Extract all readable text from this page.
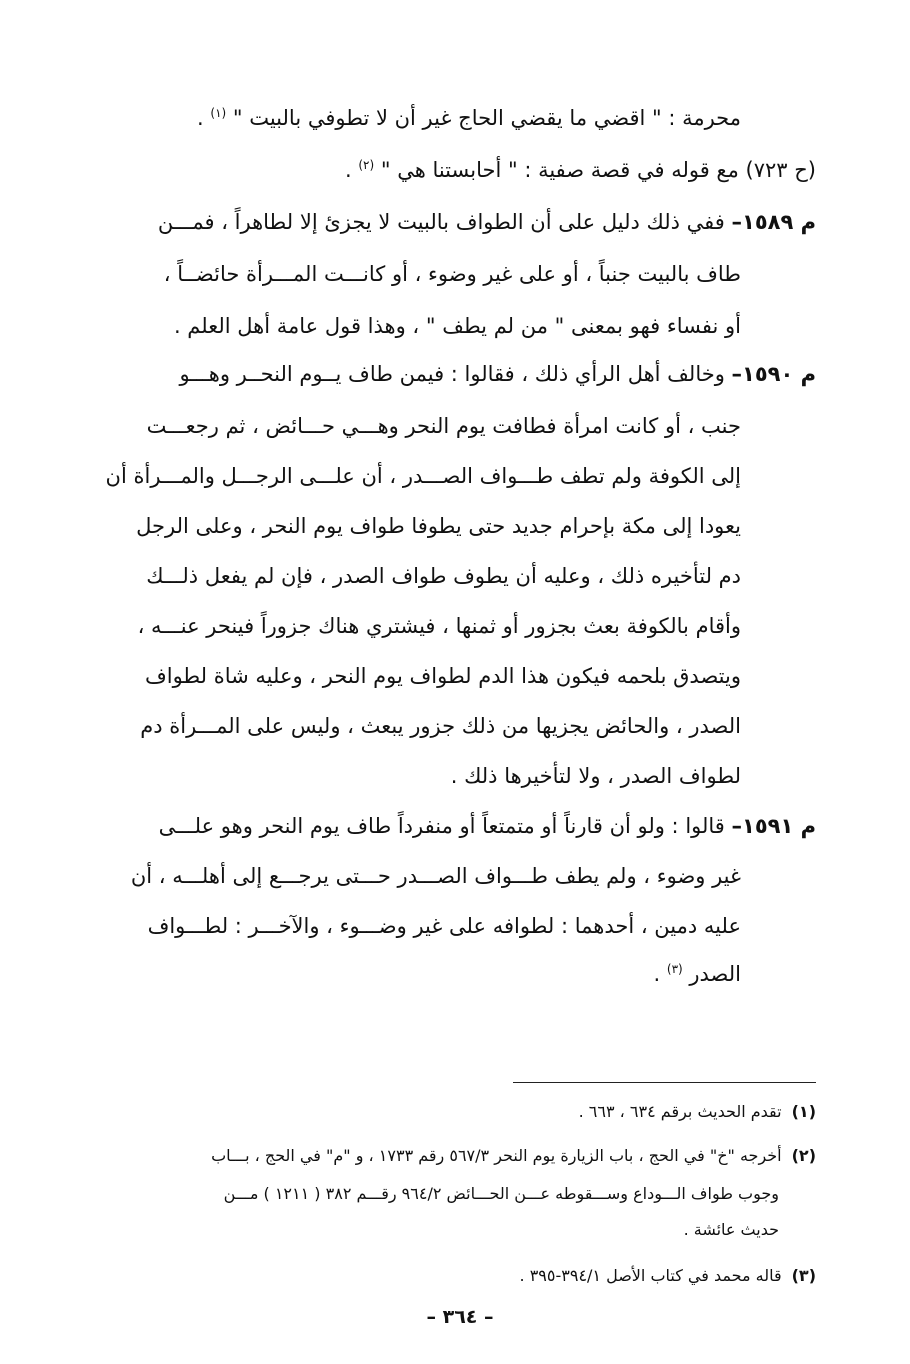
محرمة : " اقضي ما يقضي الحاج غير أن لا تطوفي بالبيت " $^{(١)}$ .
(ح ٧٢٣) مع قوله في قصة صفية : " أحابستنا هي " $^{(٢)}$ .
م ١٥٨٩– ففي ذلك دليل على أن الطواف بالبيت لا يجزئ إلا لطاهراً ، فمـــن
طاف بالبيت جنباً ، أو على غير وضوء ، أو كانـــت المـــرأة حائضــاً ،
أو نفساء فهو بمعنى " من لم يطف " ، وهذا قول عامة أهل العلم .
م ١٥٩٠– وخالف أهل الرأي ذلك ، فقالوا : فيمن طاف يــوم النحــر وهـــو
جنب ، أو كانت امرأة فطافت يوم النحر وهـــي حـــائض ، ثم رجعـــت
إلى الكوفة ولم تطف طـــواف الصـــدر ، أن علـــى الرجـــل والمـــرأة أن
يعودا إلى مكة بإحرام جديد حتى يطوفا طواف يوم النحر ، وعلى الرجل
دم لتأخيره ذلك ، وعليه أن يطوف طواف الصدر ، فإن لم يفعل ذلـــك
وأقام بالكوفة بعث بجزور أو ثمنها ، فيشتري هناك جزوراً فينحر عنـــه ،
ويتصدق بلحمه فيكون هذا الدم لطواف يوم النحر ، وعليه شاة لطواف
الصدر ، والحائض يجزيها من ذلك جزور يبعث ، وليس على المـــرأة دم
لطواف الصدر ، ولا لتأخيرها ذلك .
م ١٥٩١– قالوا : ولو أن قارناً أو متمتعاً أو منفرداً طاف يوم النحر وهو علـــى
غير وضوء ، ولم يطف طـــواف الصـــدر حـــتى يرجـــع إلى أهلـــه ، أن
عليه دمين ، أحدهما : لطوافه على غير وضـــوء ، والآخـــر : لطـــواف
الصدر $^{(٣)}$ .
(١)تقدم الحديث برقم ٦٣٤ ، ٦٦٣ .
(٢)أخرجه "خ" في الحج ، باب الزيارة يوم النحر ٥٦٧/٣ رقم ١٧٣٣ ، و "م" في الحج ، بـــاب
وجوب طواف الـــوداع وســـقوطه عـــن الحـــائض ٩٦٤/٢ رقـــم ٣٨٢ ( ١٢١١ ) مـــن
حديث عائشة .
(٣)قاله محمد في كتاب الأصل ٣٩٤/١-٣٩٥ .
– ٣٦٤ –
